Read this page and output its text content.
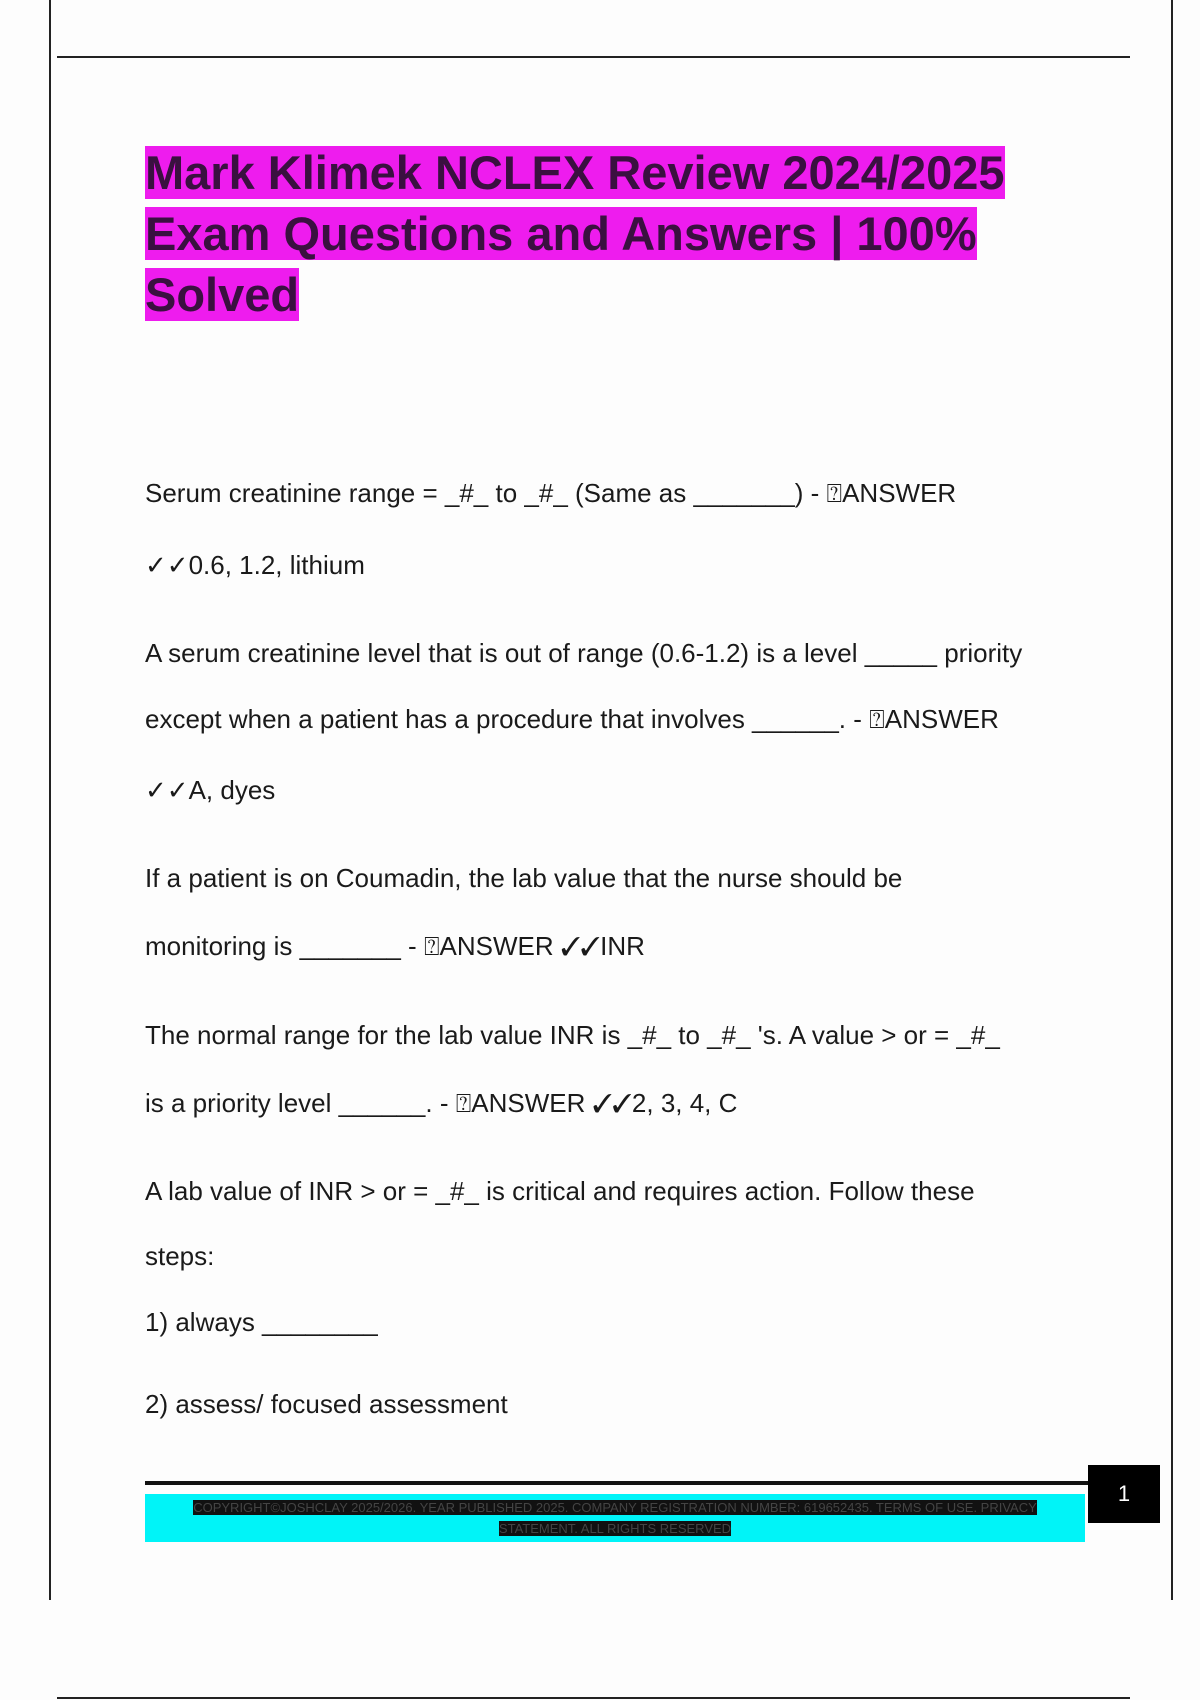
Mark Klimek NCLEX Review 2024/2025 Exam Questions and Answers | 100% Solved
Serum creatinine range = _#_ to _#_ (Same as _______) - ⍰ANSWER
✓✓0.6, 1.2, lithium
A serum creatinine level that is out of range (0.6-1.2) is a level _____ priority
except when a patient has a procedure that involves ______. - ⍰ANSWER
✓✓A, dyes
If a patient is on Coumadin, the lab value that the nurse should be
monitoring is _______ - ⍰ANSWER ✓✓INR
The normal range for the lab value INR is _#_ to _#_ 's. A value > or = _#_
is a priority level ______. - ⍰ANSWER ✓✓2, 3, 4, C
A lab value of INR > or = _#_ is critical and requires action. Follow these
steps:
1) always ________
2) assess/ focused assessment
COPYRIGHT©JOSHCLAY 2025/2026. YEAR PUBLISHED 2025. COMPANY REGISTRATION NUMBER: 619652435. TERMS OF USE. PRIVACY
STATEMENT. ALL RIGHTS RESERVED
1
